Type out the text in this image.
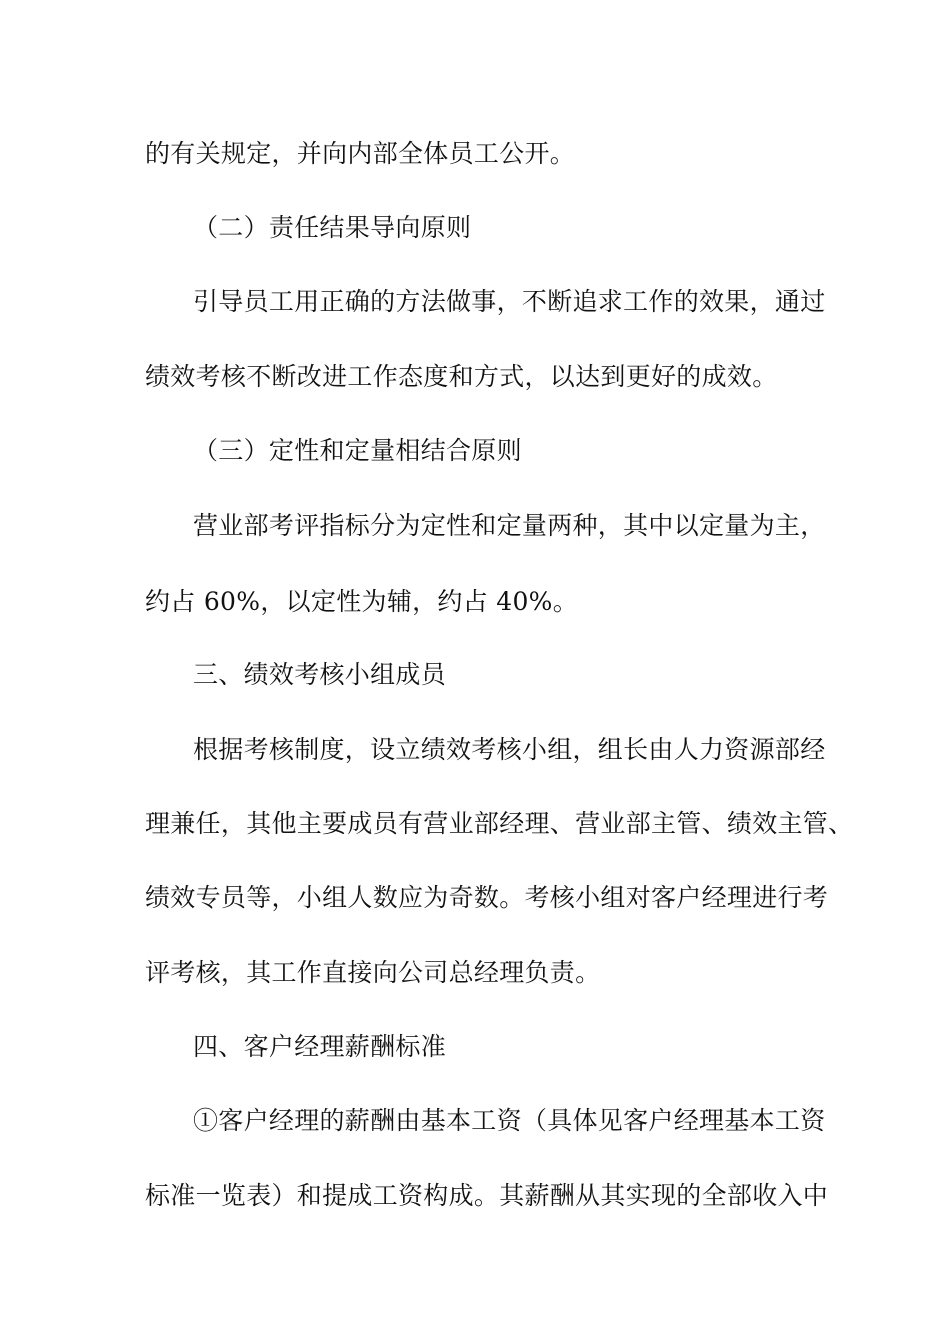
的有关规定，并向内部全体员工公开。
（二）责任结果导向原则
引导员工用正确的方法做事，不断追求工作的效果，通过
绩效考核不断改进工作态度和方式，以达到更好的成效。
（三）定性和定量相结合原则
营业部考评指标分为定性和定量两种，其中以定量为主，
约占 60%，以定性为辅，约占 40%。
三、绩效考核小组成员
根据考核制度，设立绩效考核小组，组长由人力资源部经
理兼任，其他主要成员有营业部经理、营业部主管、绩效主管、
绩效专员等，小组人数应为奇数。考核小组对客户经理进行考
评考核，其工作直接向公司总经理负责。
四、客户经理薪酬标准
①客户经理的薪酬由基本工资（具体见客户经理基本工资
标准一览表）和提成工资构成。其薪酬从其实现的全部收入中
